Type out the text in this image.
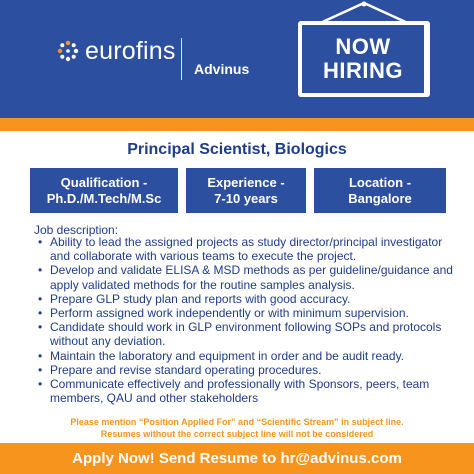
eurofins
Advinus
NOW
HIRING
Principal Scientist, Biologics
Qualification -
Ph.D./M.Tech/M.Sc
Experience -
7-10 years
Location -
Bangalore
Job description:
• Ability to lead the assigned projects as study director/principal investigator and collaborate with various teams to execute the project.
• Develop and validate ELISA & MSD methods as per guideline/guidance and apply validated methods for the routine samples analysis.
• Prepare GLP study plan and reports with good accuracy.
• Perform assigned work independently or with minimum supervision.
• Candidate should work in GLP environment following SOPs and protocols without any deviation.
• Maintain the laboratory and equipment in order and be audit ready.
• Prepare and revise standard operating procedures.
• Communicate effectively and professionally with Sponsors, peers, team members, QAU and other stakeholders
Please mention “Position Applied For” and “Scientific Stream” in subject line.
Resumes without the correct subject line will not be considered
Apply Now! Send Resume to hr@advinus.com
